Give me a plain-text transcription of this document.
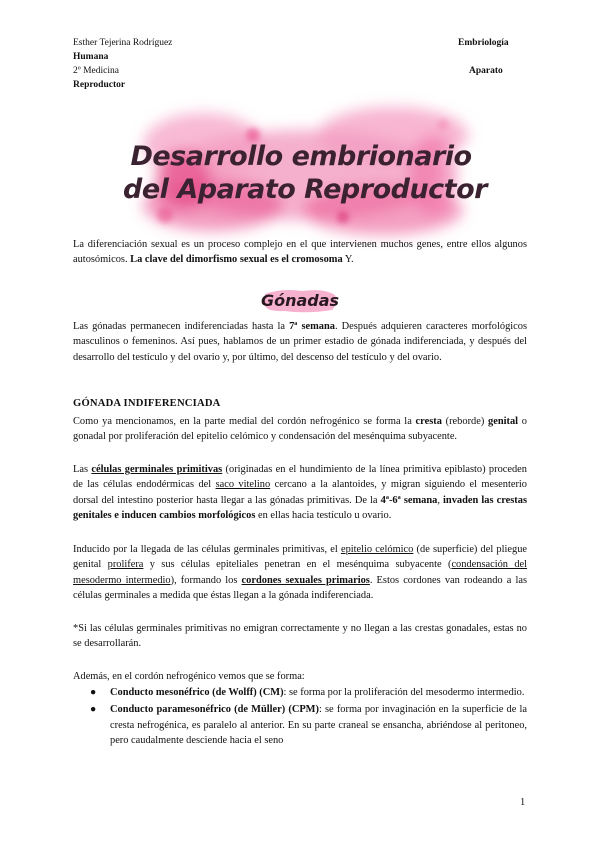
Esther Tejerina Rodríguez	Embriología
Humana
2º Medicina	Aparato
Reproductor
Desarrollo embrionario
del Aparato Reproductor
La diferenciación sexual es un proceso complejo en el que intervienen muchos genes, entre ellos algunos autosómicos. La clave del dimorfismo sexual es el cromosoma Y.
Gónadas
Las gónadas permanecen indiferenciadas hasta la 7ª semana. Después adquieren caracteres morfológicos masculinos o femeninos. Así pues, hablamos de un primer estadio de gónada indiferenciada, y después del desarrollo del testículo y del ovario y, por último, del descenso del testículo y del ovario.
GÓNADA INDIFERENCIADA
Como ya mencionamos, en la parte medial del cordón nefrogénico se forma la cresta (reborde) genital o gonadal por proliferación del epitelio celómico y condensación del mesénquima subyacente.
Las células germinales primitivas (originadas en el hundimiento de la línea primitiva epiblasto) proceden de las células endodérmicas del saco vitelino cercano a la alantoides, y migran siguiendo el mesenterio dorsal del intestino posterior hasta llegar a las gónadas primitivas. De la 4ª-6ª semana, invaden las crestas genitales e inducen cambios morfológicos en ellas hacia testículo u ovario.
Inducido por la llegada de las células germinales primitivas, el epitelio celómico (de superficie) del pliegue genital prolifera y sus células epiteliales penetran en el mesénquima subyacente (condensación del mesodermo intermedio), formando los cordones sexuales primarios. Estos cordones van rodeando a las células germinales a medida que éstas llegan a la gónada indiferenciada.
*Si las células germinales primitivas no emigran correctamente y no llegan a las crestas gonadales, estas no se desarrollarán.
Además, en el cordón nefrogénico vemos que se forma:
● Conducto mesonéfrico (de Wolff) (CM): se forma por la proliferación del mesodermo intermedio.
● Conducto paramesonéfrico (de Müller) (CPM): se forma por invaginación en la superficie de la cresta nefrogénica, es paralelo al anterior. En su parte craneal se ensancha, abriéndose al peritoneo, pero caudalmente desciende hacia el seno
1
